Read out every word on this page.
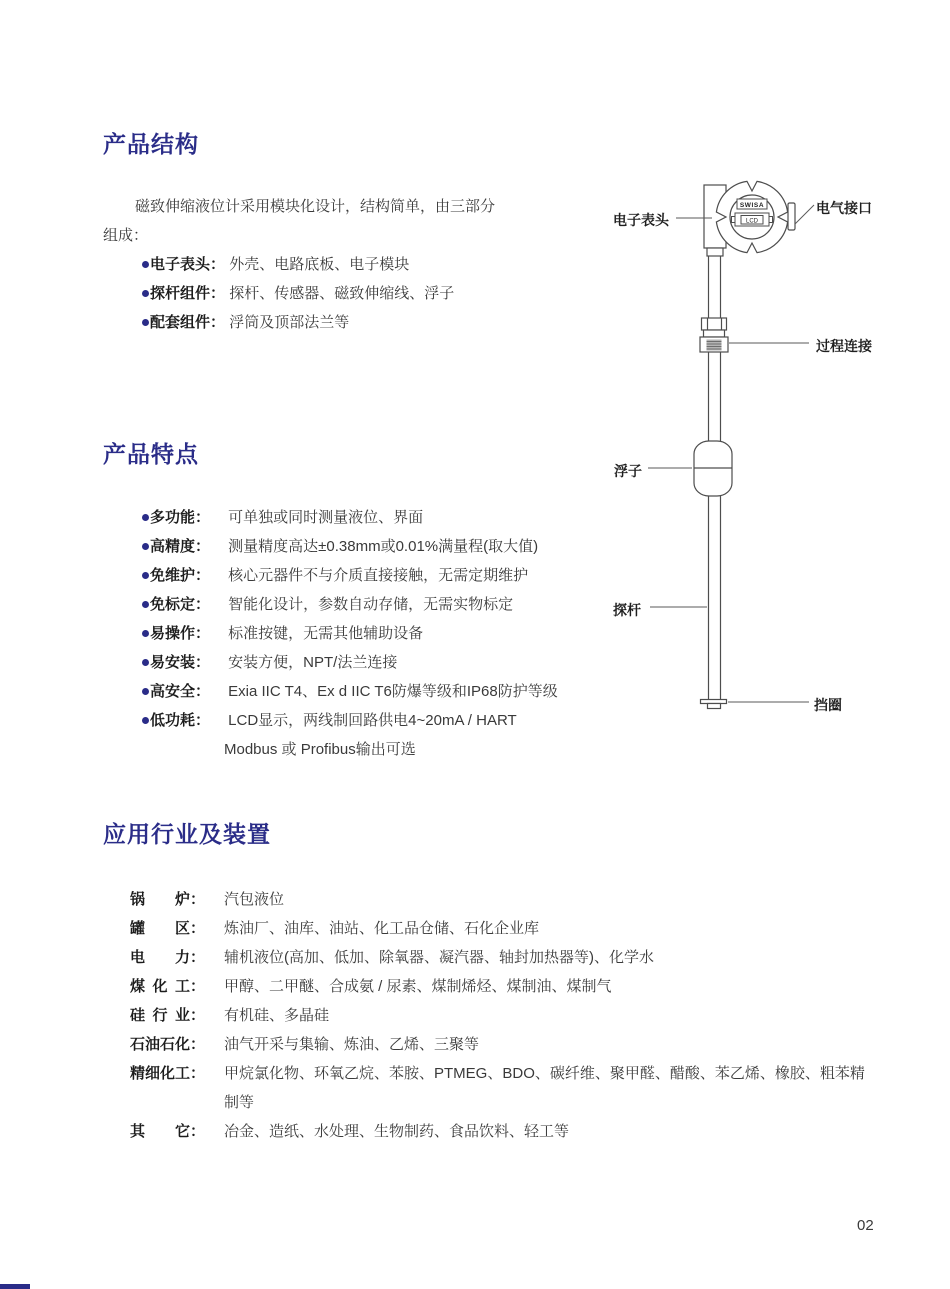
产品结构
磁致伸缩液位计采用模块化设计，结构简单，由三部分
组成：
电子表头： 外壳、电路底板、电子模块
探杆组件： 探杆、传感器、磁致伸缩线、浮子
配套组件： 浮筒及顶部法兰等
产品特点
多功能： 可单独或同时测量液位、界面
高精度： 测量精度高达±0.38mm或0.01%满量程(取大值)
免维护： 核心元器件不与介质直接接触，无需定期维护
免标定： 智能化设计，参数自动存储，无需实物标定
易操作： 标准按键，无需其他辅助设备
易安装： 安装方便，NPT/法兰连接
高安全： Exia IIC T4、Ex d IIC T6防爆等级和IP68防护等级
低功耗： LCD显示，两线制回路供电4~20mA / HART
Modbus 或 Profibus输出可选
应用行业及装置
锅炉： 汽包液位
罐区： 炼油厂、油库、油站、化工品仓储、石化企业库
电力： 辅机液位(高加、低加、除氧器、凝汽器、轴封加热器等)、化学水
煤化工： 甲醇、二甲醚、合成氨 / 尿素、煤制烯烃、煤制油、煤制气
硅行业： 有机硅、多晶硅
石油石化： 油气开采与集输、炼油、乙烯、三聚等
精细化工： 甲烷氯化物、环氧乙烷、苯胺、PTMEG、BDO、碳纤维、聚甲醛、醋酸、苯乙烯、橡胶、粗苯精制等
其它： 冶金、造纸、水处理、生物制药、食品饮料、轻工等
SWISA
LCD
电子表头
电气接口
过程连接
浮子
探杆
挡圈
02
